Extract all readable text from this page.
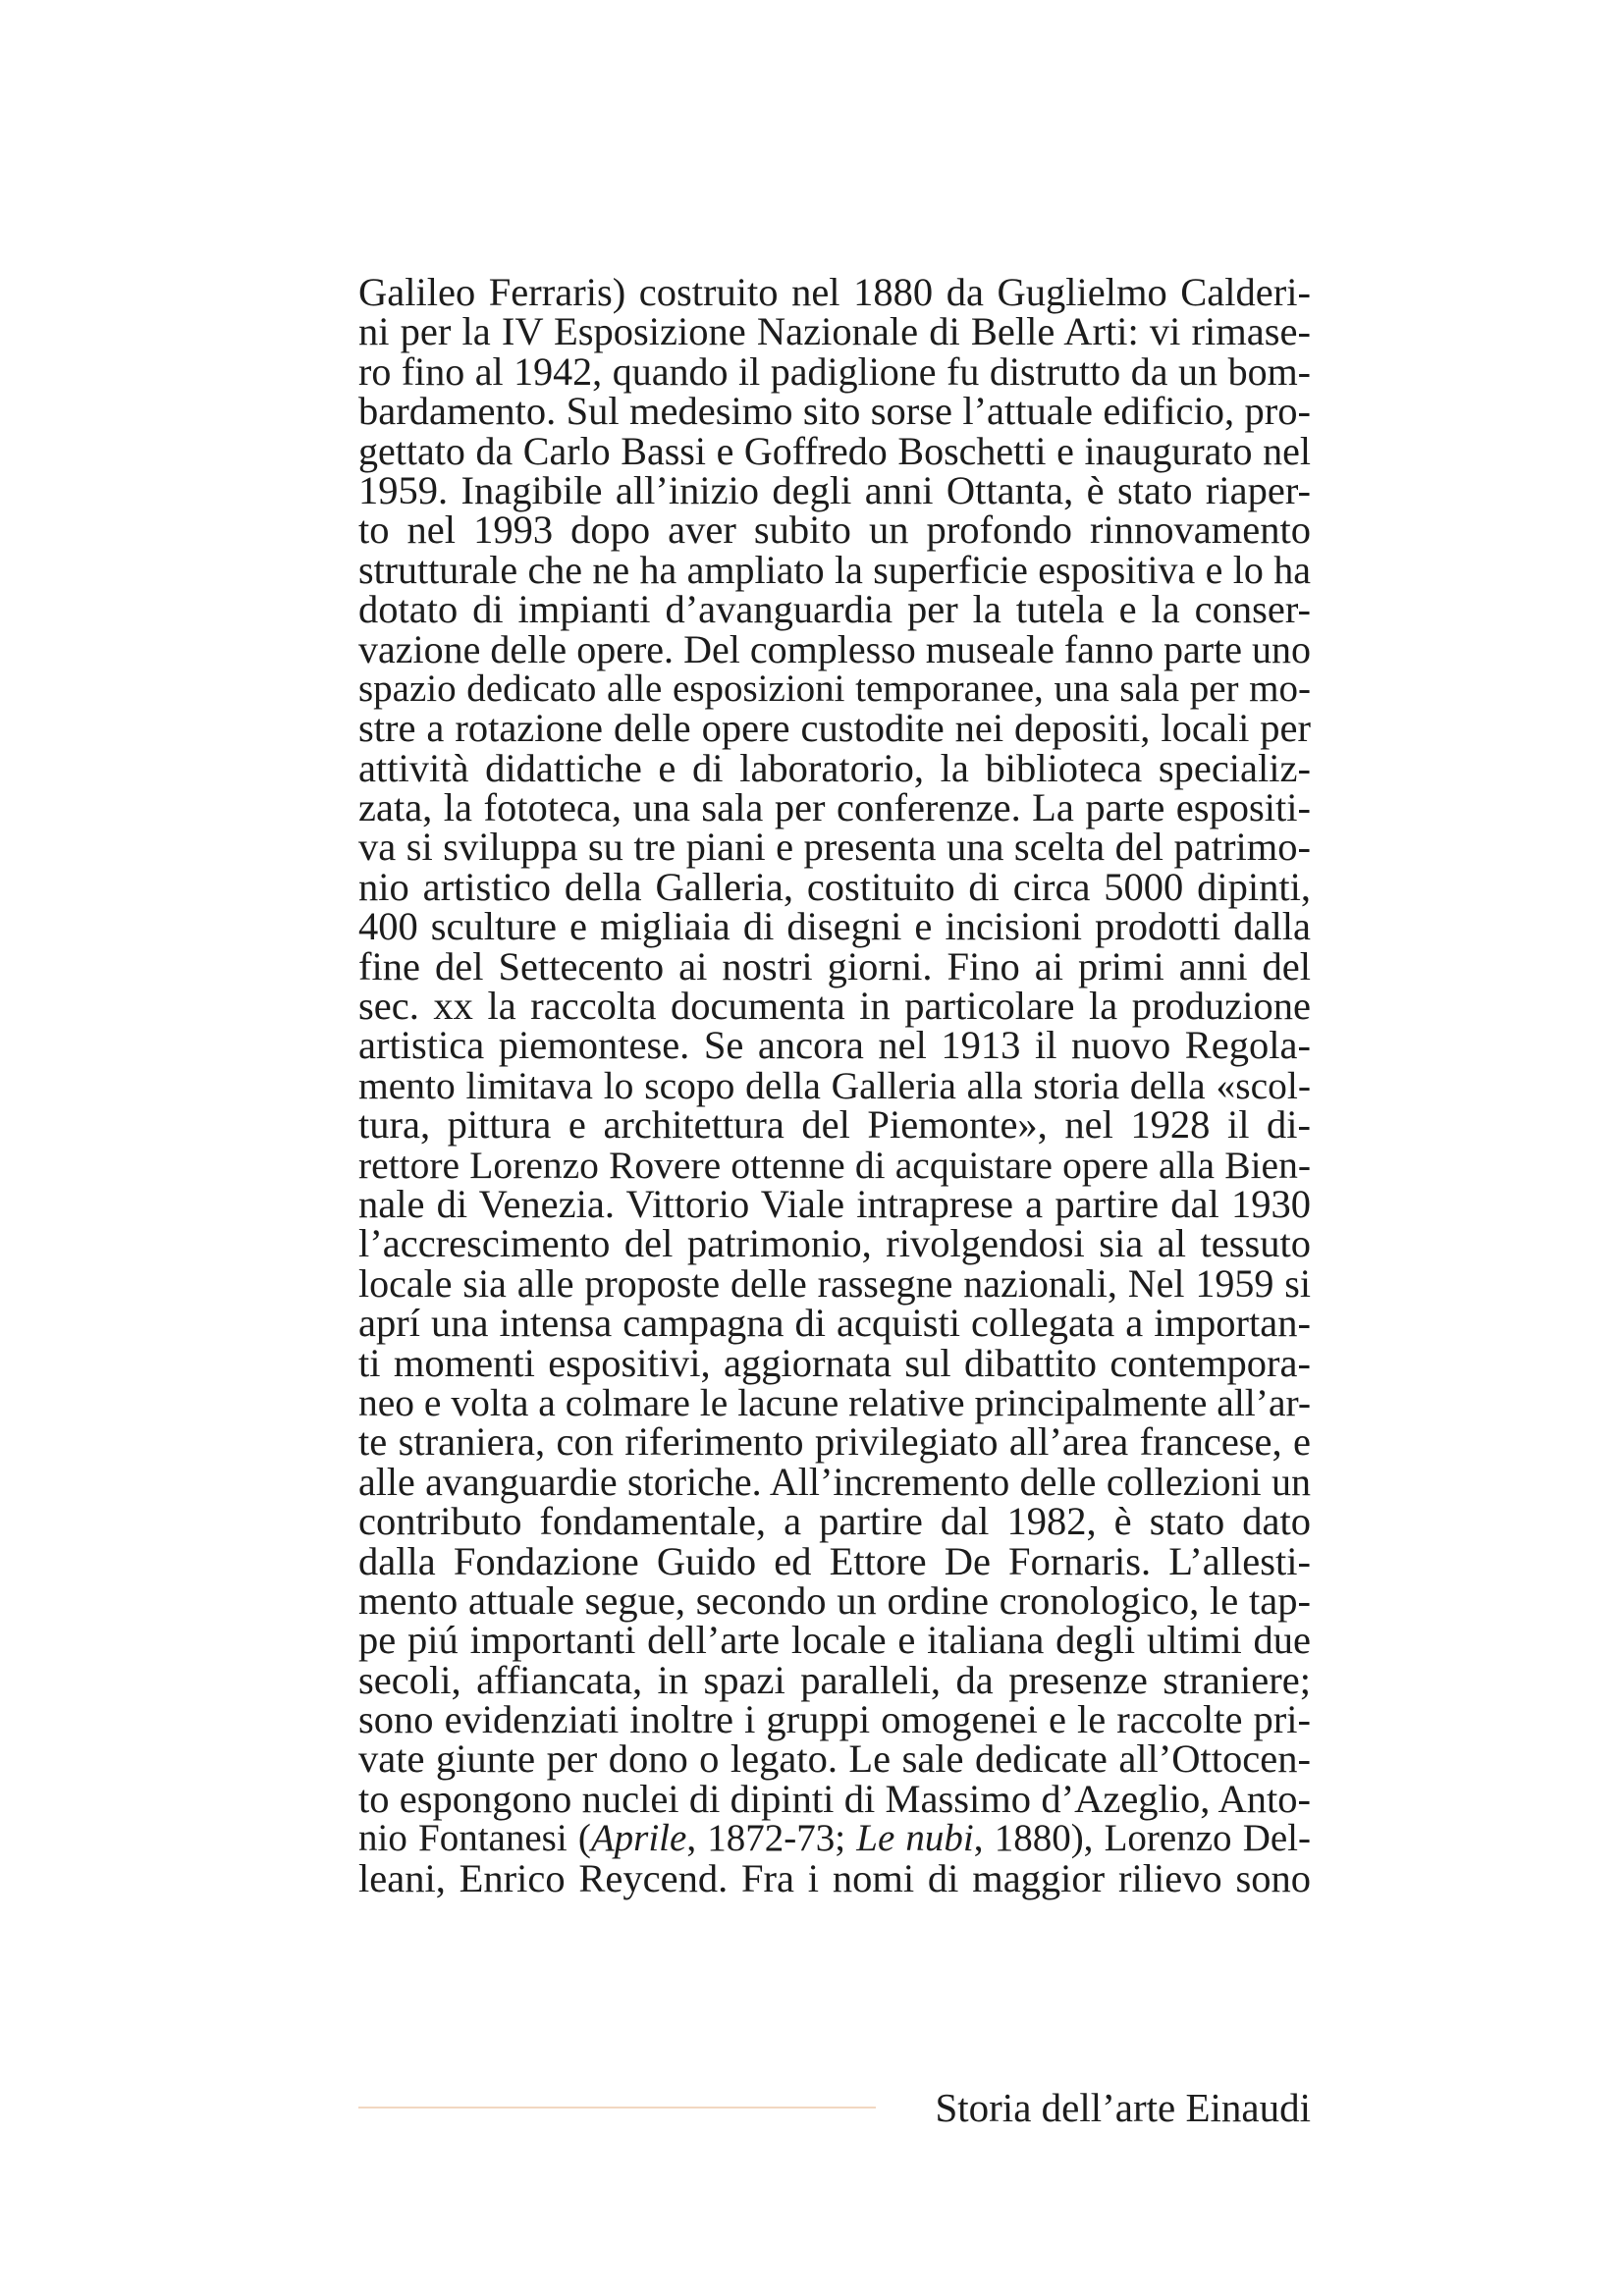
Galileo Ferraris) costruito nel 1880 da Guglielmo Calderi-
ni per la IV Esposizione Nazionale di Belle Arti: vi rimase-
ro fino al 1942, quando il padiglione fu distrutto da un bom-
bardamento. Sul medesimo sito sorse l’attuale edificio, pro-
gettato da Carlo Bassi e Goffredo Boschetti e inaugurato nel
1959. Inagibile all’inizio degli anni Ottanta, è stato riaper-
to nel 1993 dopo aver subito un profondo rinnovamento
strutturale che ne ha ampliato la superficie espositiva e lo ha
dotato di impianti d’avanguardia per la tutela e la conser-
vazione delle opere. Del complesso museale fanno parte uno
spazio dedicato alle esposizioni temporanee, una sala per mo-
stre a rotazione delle opere custodite nei depositi, locali per
attività didattiche e di laboratorio, la biblioteca specializ-
zata, la fototeca, una sala per conferenze. La parte espositi-
va si sviluppa su tre piani e presenta una scelta del patrimo-
nio artistico della Galleria, costituito di circa 5000 dipinti,
400 sculture e migliaia di disegni e incisioni prodotti dalla
fine del Settecento ai nostri giorni. Fino ai primi anni del
sec. xx la raccolta documenta in particolare la produzione
artistica piemontese. Se ancora nel 1913 il nuovo Regola-
mento limitava lo scopo della Galleria alla storia della «scol-
tura, pittura e architettura del Piemonte», nel 1928 il di-
rettore Lorenzo Rovere ottenne di acquistare opere alla Bien-
nale di Venezia. Vittorio Viale intraprese a partire dal 1930
l’accrescimento del patrimonio, rivolgendosi sia al tessuto
locale sia alle proposte delle rassegne nazionali, Nel 1959 si
aprí una intensa campagna di acquisti collegata a importan-
ti momenti espositivi, aggiornata sul dibattito contempora-
neo e volta a colmare le lacune relative principalmente all’ar-
te straniera, con riferimento privilegiato all’area francese, e
alle avanguardie storiche. All’incremento delle collezioni un
contributo fondamentale, a partire dal 1982, è stato dato
dalla Fondazione Guido ed Ettore De Fornaris. L’allesti-
mento attuale segue, secondo un ordine cronologico, le tap-
pe piú importanti dell’arte locale e italiana degli ultimi due
secoli, affiancata, in spazi paralleli, da presenze straniere;
sono evidenziati inoltre i gruppi omogenei e le raccolte pri-
vate giunte per dono o legato. Le sale dedicate all’Ottocen-
to espongono nuclei di dipinti di Massimo d’Azeglio, Anto-
nio Fontanesi (Aprile, 1872-73; Le nubi, 1880), Lorenzo Del-
leani, Enrico Reycend. Fra i nomi di maggior rilievo sono
Storia dell’arte Einaudi
